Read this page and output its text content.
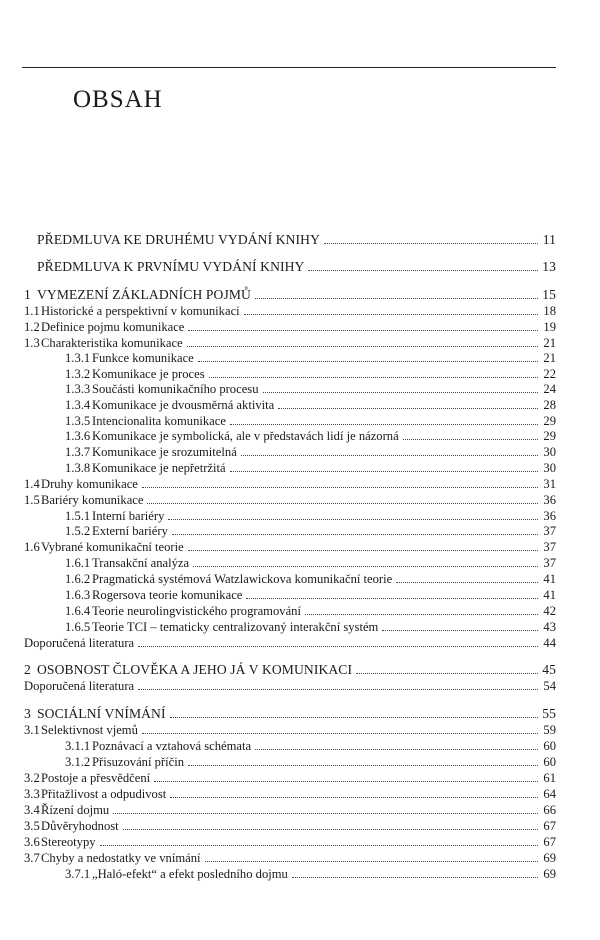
OBSAH
PŘEDMLUVA KE DRUHÉMU VYDÁNÍ KNIHY	11
PŘEDMLUVA K PRVNÍMU VYDÁNÍ KNIHY	13
1 VYMEZENÍ ZÁKLADNÍCH POJMŮ	15
1.1 Historické a perspektivní v komunikaci	18
1.2 Definice pojmu komunikace	19
1.3 Charakteristika komunikace	21
1.3.1 Funkce komunikace	21
1.3.2 Komunikace je proces	22
1.3.3 Součásti komunikačního procesu	24
1.3.4 Komunikace je dvousměrná aktivita	28
1.3.5 Intencionalita komunikace	29
1.3.6 Komunikace je symbolická, ale v představách lidí je názorná	29
1.3.7 Komunikace je srozumitelná	30
1.3.8 Komunikace je nepřetržitá	30
1.4 Druhy komunikace	31
1.5 Bariéry komunikace	36
1.5.1 Interní bariéry	36
1.5.2 Externí bariéry	37
1.6 Vybrané komunikační teorie	37
1.6.1 Transakční analýza	37
1.6.2 Pragmatická systémová Watzlawickova komunikační teorie	41
1.6.3 Rogersova teorie komunikace	41
1.6.4 Teorie neurolingvistického programování	42
1.6.5 Teorie TCI – tematicky centralizovaný interakční systém	43
Doporučená literatura	44
2 OSOBNOST ČLOVĚKA A JEHO JÁ V KOMUNIKACI	45
Doporučená literatura	54
3 SOCIÁLNÍ VNÍMÁNÍ	55
3.1 Selektivnost vjemů	59
3.1.1 Poznávací a vztahová schémata	60
3.1.2 Přisuzování příčin	60
3.2 Postoje a přesvědčení	61
3.3 Přitažlivost a odpudivost	64
3.4 Řízení dojmu	66
3.5 Důvěryhodnost	67
3.6 Stereotypy	67
3.7 Chyby a nedostatky ve vnímání	69
3.7.1 „Haló-efekt“ a efekt posledního dojmu	69
